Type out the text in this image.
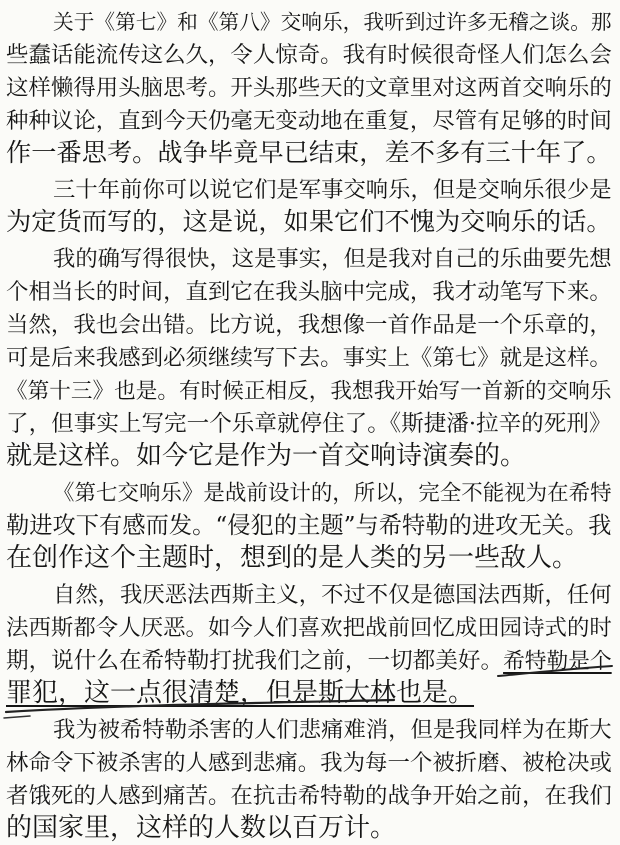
关于《第七》和《第八》交响乐，我听到过许多无稽之谈。那
些蠢话能流传这么久，令人惊奇。我有时候很奇怪人们怎么会
这样懒得用头脑思考。开头那些天的文章里对这两首交响乐的
种种议论，直到今天仍毫无变动地在重复，尽管有足够的时间
作一番思考。战争毕竟早已结束，差不多有三十年了。
三十年前你可以说它们是军事交响乐，但是交响乐很少是
为定货而写的，这是说，如果它们不愧为交响乐的话。
我的确写得很快，这是事实，但是我对自己的乐曲要先想
个相当长的时间，直到它在我头脑中完成，我才动笔写下来。
当然，我也会出错。比方说，我想像一首作品是一个乐章的，
可是后来我感到必须继续写下去。事实上《第七》就是这样。
《第十三》也是。有时候正相反，我想我开始写一首新的交响乐
了，但事实上写完一个乐章就停住了。《斯捷潘·拉辛的死刑》
就是这样。如今它是作为一首交响诗演奏的。
《第七交响乐》是战前设计的，所以，完全不能视为在希特
勒进攻下有感而发。“侵犯的主题”与希特勒的进攻无关。我
在创作这个主题时，想到的是人类的另一些敌人。
自然，我厌恶法西斯主义，不过不仅是德国法西斯，任何
法西斯都令人厌恶。如今人们喜欢把战前回忆成田园诗式的时
期，说什么在希特勒打扰我们之前，一切都美好。希特勒是个
罪犯，这一点很清楚，但是斯大林也是。
我为被希特勒杀害的人们悲痛难消，但是我同样为在斯大
林命令下被杀害的人感到悲痛。我为每一个被折磨、被枪决或
者饿死的人感到痛苦。在抗击希特勒的战争开始之前，在我们
的国家里，这样的人数以百万计。
